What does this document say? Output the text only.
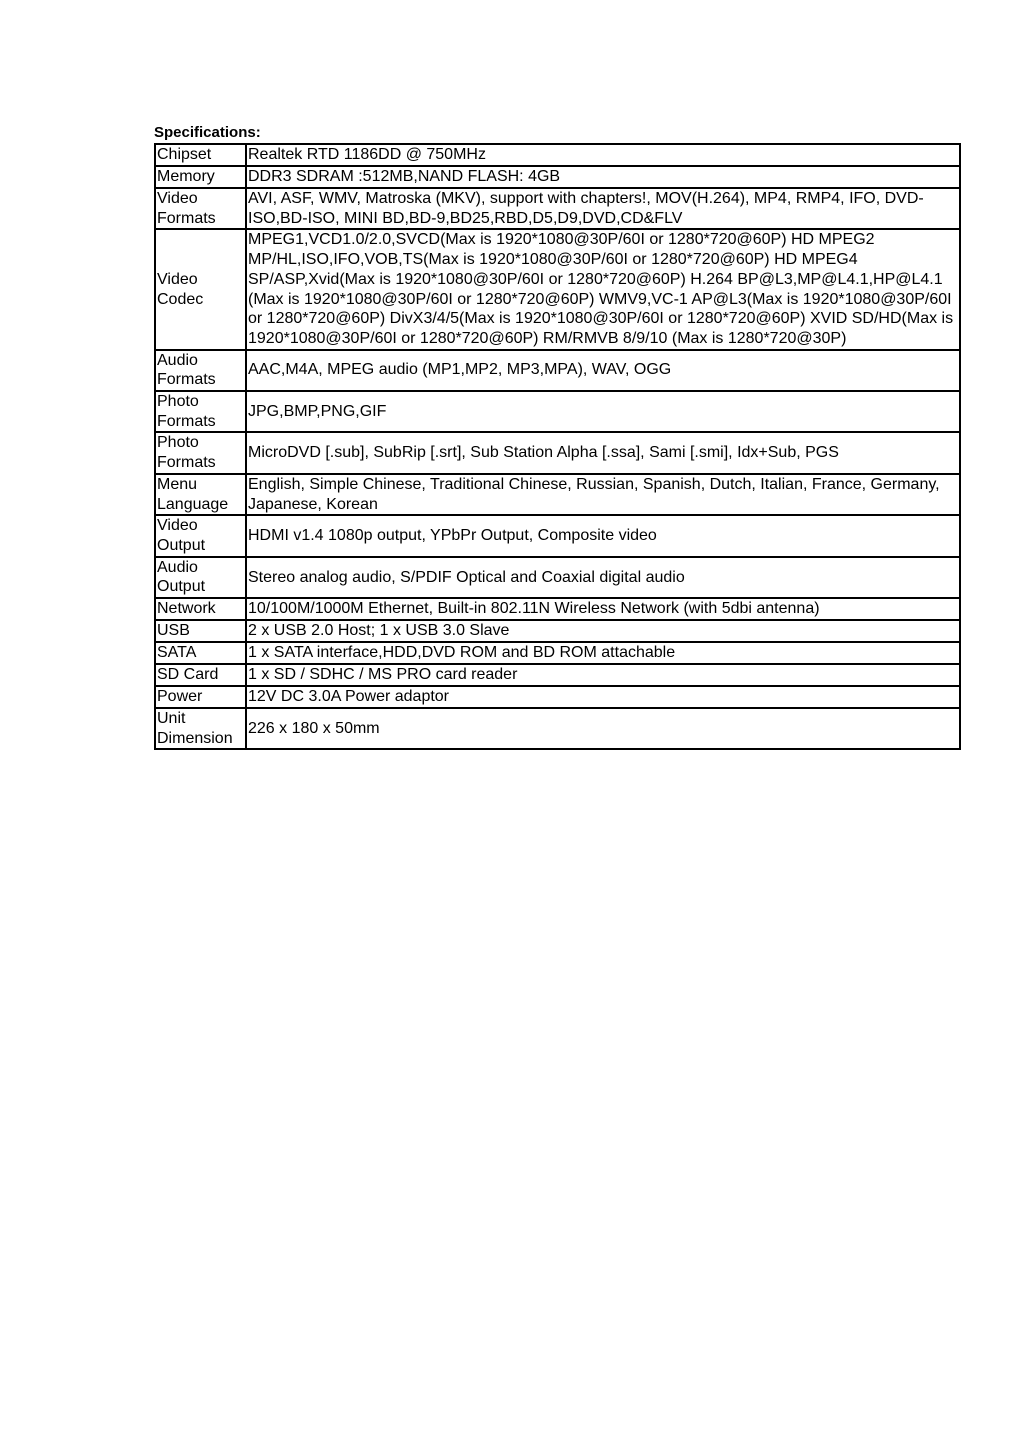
Specifications:
Chipset	Realtek RTD 1186DD @ 750MHz
Memory	DDR3 SDRAM :512MB,NAND FLASH: 4GB
Video Formats	AVI, ASF, WMV, Matroska (MKV), support with chapters!, MOV(H.264), MP4, RMP4, IFO, DVD-ISO,BD-ISO, MINI BD,BD-9,BD25,RBD,D5,D9,DVD,CD&FLV
Video Codec	MPEG1,VCD1.0/2.0,SVCD(Max is 1920*1080@30P/60I or 1280*720@60P) HD MPEG2 MP/HL,ISO,IFO,VOB,TS(Max is 1920*1080@30P/60I or 1280*720@60P) HD MPEG4 SP/ASP,Xvid(Max is 1920*1080@30P/60I or 1280*720@60P) H.264 BP@L3,MP@L4.1,HP@L4.1 (Max is 1920*1080@30P/60I or 1280*720@60P) WMV9,VC-1 AP@L3(Max is 1920*1080@30P/60I or 1280*720@60P) DivX3/4/5(Max is 1920*1080@30P/60I or 1280*720@60P) XVID SD/HD(Max is 1920*1080@30P/60I or 1280*720@60P) RM/RMVB 8/9/10 (Max is 1280*720@30P)
Audio Formats	AAC,M4A, MPEG audio (MP1,MP2, MP3,MPA), WAV, OGG
Photo Formats	JPG,BMP,PNG,GIF
Photo Formats	MicroDVD [.sub], SubRip [.srt], Sub Station Alpha [.ssa], Sami [.smi], Idx+Sub, PGS
Menu Language	English, Simple Chinese, Traditional Chinese, Russian, Spanish, Dutch, Italian, France, Germany, Japanese, Korean
Video Output	HDMI v1.4 1080p output, YPbPr Output, Composite video
Audio Output	Stereo analog audio, S/PDIF Optical and Coaxial digital audio
Network	10/100M/1000M Ethernet, Built-in 802.11N Wireless Network (with 5dbi antenna)
USB	2 x USB 2.0 Host; 1 x USB 3.0 Slave
SATA	1 x SATA interface,HDD,DVD ROM and BD ROM attachable
SD Card	1 x SD / SDHC / MS PRO card reader
Power	12V DC 3.0A Power adaptor
Unit Dimension	226 x 180 x 50mm
